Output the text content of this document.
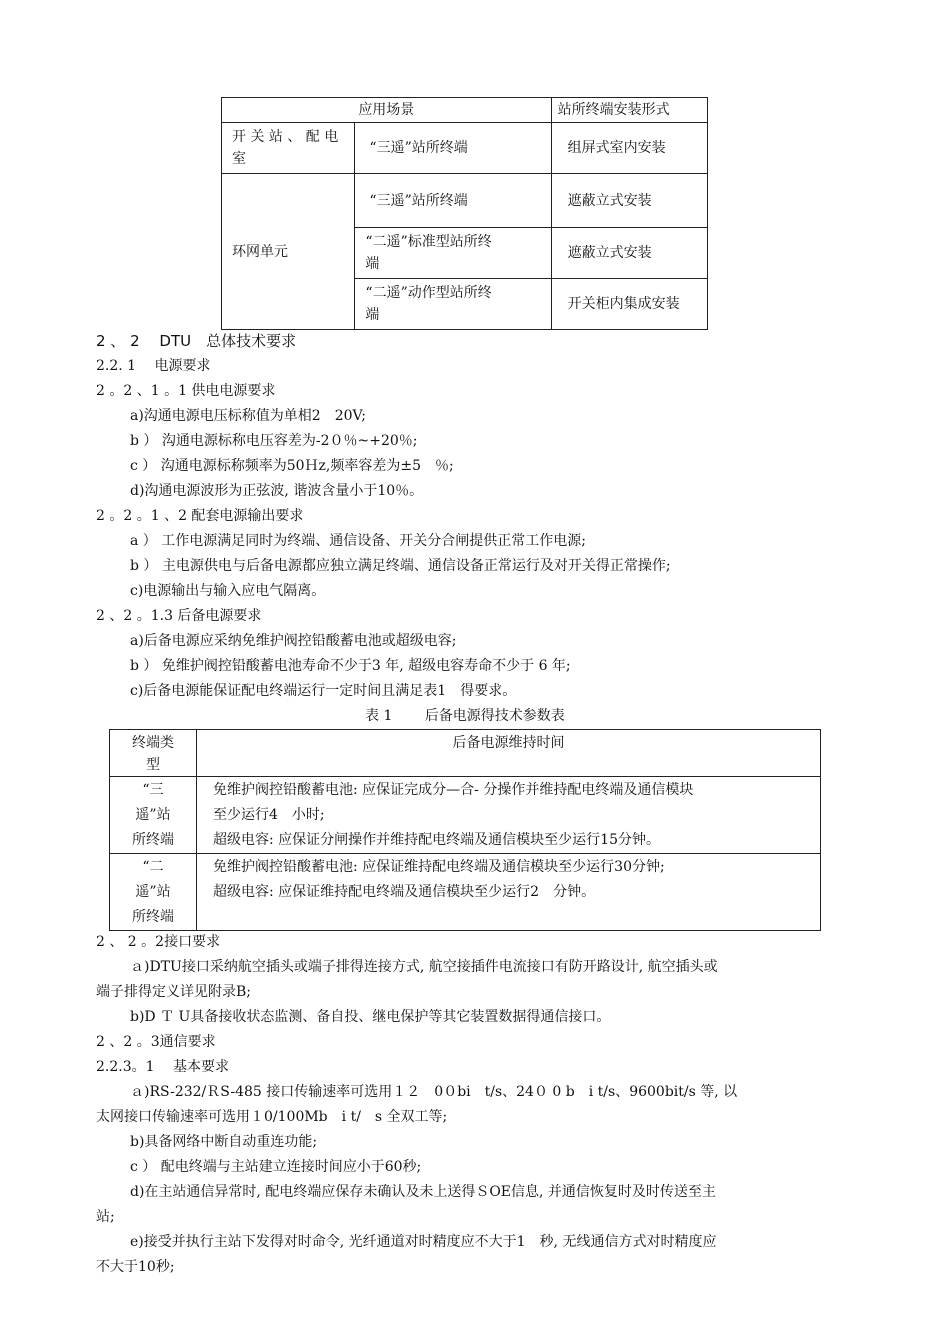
应用场景		站所终端安装形式
开 关 站 、 配 电
室	“三遥”站所终端	组屏式室内安装
环网单元	“三遥”站所终端	遮蔽立式安装
	“二遥”标准型站所终
端	遮蔽立式安装
	“二遥”动作型站所终
端	开关柜内集成安装
2 、 2　 DTU　总体技术要求
2.2. 1　 电源要求
2 。2 、1 。1 供电电源要求
a)沟通电源电压标称值为单相2　20V;
b ） 沟通电源标称电压容差为-2０％~+20％;
c ） 沟通电源标称频率为50Ｈz,频率容差为±5　％;
d)沟通电源波形为正弦波, 谐波含量小于10％。
2 。2 。1 、2 配套电源输出要求
a ） 工作电源满足同时为终端、通信设备、开关分合闸提供正常工作电源;
b ） 主电源供电与后备电源都应独立满足终端、通信设备正常运行及对开关得正常操作;
c)电源输出与输入应电气隔离。
2 、2 。1.3 后备电源要求
a)后备电源应采纳免维护阀控铅酸蓄电池或超级电容;
b ） 免维护阀控铅酸蓄电池寿命不少于3 年, 超级电容寿命不少于 6 年;
c)后备电源能保证配电终端运行一定时间且满足表1　得要求。
表 1　　 后备电源得技术参数表
终端类
型	后备电源维持时间
“三
遥”站
所终端	免维护阀控铅酸蓄电池: 应保证完成分—合- 分操作并维持配电终端及通信模块
至少运行4　小时;
超级电容: 应保证分闸操作并维持配电终端及通信模块至少运行15分钟。
“二
遥”站
所终端	免维护阀控铅酸蓄电池: 应保证维持配电终端及通信模块至少运行30分钟;
超级电容: 应保证维持配电终端及通信模块至少运行2　分钟。
2 、 2 。2接口要求
ａ)DTU接口采纳航空插头或端子排得连接方式, 航空接插件电流接口有防开路设计, 航空插头或
端子排得定义详见附录B;
b)D Ｔ U具备接收状态监测、备自投、继电保护等其它装置数据得通信接口。
2 、2 。3通信要求
2.2.3。1　 基本要求
ａ)RS-232/ＲS-485 接口传输速率可选用１２　0０bi　t/s、24０ 0 b　i t/s、9600bit/s 等, 以
太网接口传输速率可选用１0/100Mb　i t/　s 全双工等;
b)具备网络中断自动重连功能;
c ） 配电终端与主站建立连接时间应小于60秒;
d)在主站通信异常时, 配电终端应保存未确认及未上送得ＳOE信息, 并通信恢复时及时传送至主
站;
e)接受并执行主站下发得对时命令, 光纤通道对时精度应不大于1　秒, 无线通信方式对时精度应
不大于10秒;
